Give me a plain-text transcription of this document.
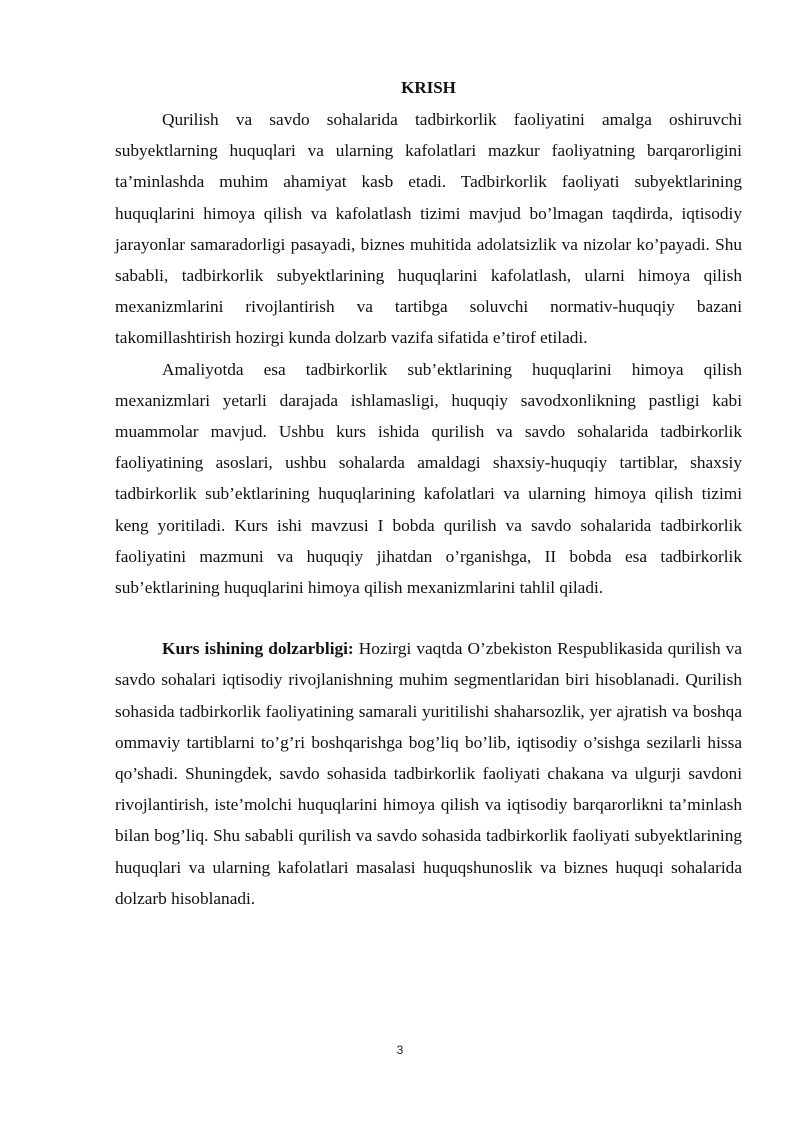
KRISH

Qurilish va savdo sohalarida tadbirkorlik faoliyatini amalga oshiruvchi subyektlarning huquqlari va ularning kafolatlari mazkur faoliyatning barqarorligini ta’minlashda muhim ahamiyat kasb etadi. Tadbirkorlik faoliyati subyektlarining huquqlarini himoya qilish va kafolatlash tizimi mavjud bo’lmagan taqdirda, iqtisodiy jarayonlar samaradorligi pasayadi, biznes muhitida adolatsizlik va nizolar ko’payadi. Shu sababli, tadbirkorlik subyektlarining huquqlarini kafolatlash, ularni himoya qilish mexanizmlarini rivojlantirish va tartibga soluvchi normativ-huquqiy bazani takomillashtirish hozirgi kunda dolzarb vazifa sifatida e’tirof etiladi.

Amaliyotda esa tadbirkorlik sub’ektlarining huquqlarini himoya qilish mexanizmlari yetarli darajada ishlamasligi, huquqiy savodxonlikning pastligi kabi muammolar mavjud. Ushbu kurs ishida qurilish va savdo sohalarida tadbirkorlik faoliyatining asoslari, ushbu sohalarda amaldagi shaxsiy-huquqiy tartiblar, shaxsiy tadbirkorlik sub’ektlarining huquqlarining kafolatlari va ularning himoya qilish tizimi keng yoritiladi. Kurs ishi mavzusi I bobda qurilish va savdo sohalarida tadbirkorlik faoliyatini mazmuni va huquqiy jihatdan o’rganishga, II bobda esa tadbirkorlik sub’ektlarining huquqlarini himoya qilish mexanizmlarini tahlil qiladi.

Kurs ishining dolzarbligi: Hozirgi vaqtda O’zbekiston Respublikasida qurilish va savdo sohalari iqtisodiy rivojlanishning muhim segmentlaridan biri hisoblanadi. Qurilish sohasida tadbirkorlik faoliyatining samarali yuritilishi shaharsozlik, yer ajratish va boshqa ommaviy tartiblarni to’g’ri boshqarishga bog’liq bo’lib, iqtisodiy o’sishga sezilarli hissa qo’shadi. Shuningdek, savdo sohasida tadbirkorlik faoliyati chakana va ulgurji savdoni rivojlantirish, iste’molchi huquqlarini himoya qilish va iqtisodiy barqarorlikni ta’minlash bilan bog’liq. Shu sababli qurilish va savdo sohasida tadbirkorlik faoliyati subyektlarining huquqlari va ularning kafolatlari masalasi huquqshunoslik va biznes huquqi sohalarida dolzarb hisoblanadi.

3
